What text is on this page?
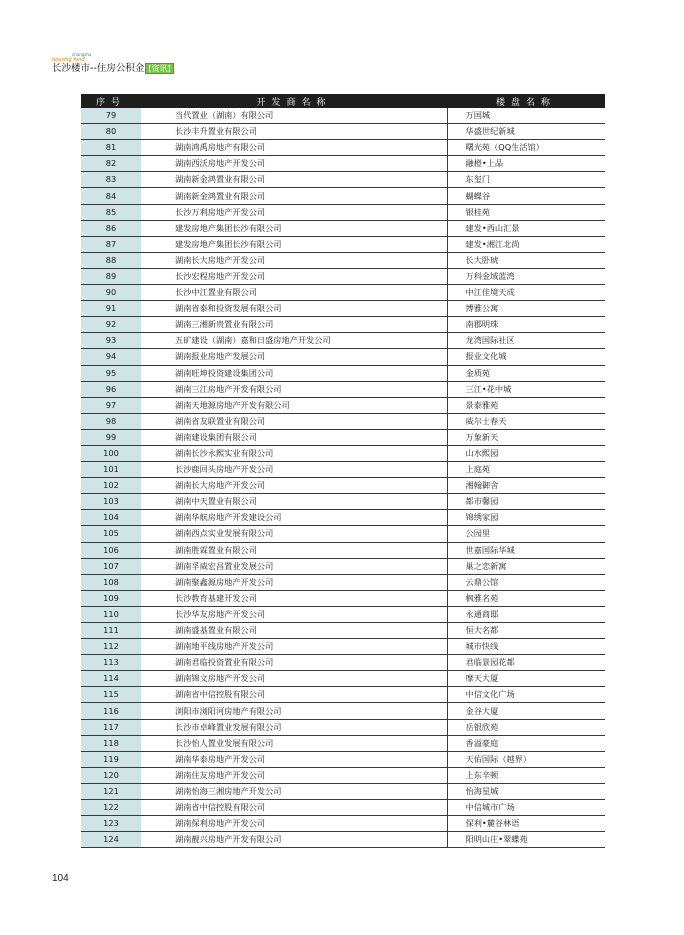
changsha
housing fund
长沙楼市--住房公积金 [资讯]
序号	开发商名称	楼盘名称
79	当代置业（湖南）有限公司	万国城
80	长沙丰升置业有限公司	华盛世纪新城
81	湖南鸿禹房地产有限公司	曙光苑（QQ生活馆）
82	湖南西沃房地产开发公司	融橙•上品
83	湖南新金鸿置业有限公司	东玺门
84	湖南新金鸿置业有限公司	蝴蝶谷
85	长沙万利房地产开发公司	银桂苑
86	建发房地产集团长沙有限公司	建发•西山汇景
87	建发房地产集团长沙有限公司	建发•湘江北尚
88	湖南长大房地产开发公司	长大卧琥
89	长沙宏程房地产开发公司	万科金域蓝湾
90	长沙中江置业有限公司	中江佳境天成
91	湖南省泰和投资发展有限公司	博雅公寓
92	湖南三湘新贵置业有限公司	南郡明珠
93	五矿建设（湖南）嘉和日盛房地产开发公司	龙湾国际社区
94	湖南报业房地产发展公司	报业文化城
95	湖南旺坤投资建设集团公司	金质苑
96	湖南三江房地产开发有限公司	三江•花中城
97	湖南天地源房地产开发有限公司	景泰雅苑
98	湖南省友联置业有限公司	威尔士春天
99	湖南建设集团有限公司	万象新天
100	湖南长沙永熙实业有限公司	山水熙园
101	长沙鹿回头房地产开发公司	上庭苑
102	湖南长大房地产开发公司	湘翰御舍
103	湖南中天置业有限公司	都市馨园
104	湖南华航房地产开发建设公司	锦绣家园
105	湖南西点实业发展有限公司	公园里
106	湖南胜霖置业有限公司	世嘉国际华城
107	湖南孚威宏昌置业发展公司	巢之恋新寓
108	湖南聚鑫源房地产开发公司	云鼎公馆
109	长沙教育基建开发公司	枫雅名苑
110	长沙华友房地产开发公司	永通商邸
111	湖南盛基置业有限公司	恒大名都
112	湖南地平线房地产开发公司	城市快线
113	湖南君临投资置业有限公司	君临景园花都
114	湖南锦文房地产开发公司	摩天大厦
115	湖南省中信控股有限公司	中信文化广场
116	浏阳市浏阳河房地产有限公司	金谷大厦
117	长沙市卓峰置业发展有限公司	岳银欣苑
118	长沙怡人置业发展有限公司	香溢豪庭
119	湖南华泰房地产开发公司	天佑国际（越界）
120	湖南住友房地产开发公司	上东辛顿
121	湖南怡海三湘房地产开发公司	怡海星城
122	湖南省中信控股有限公司	中信城市广场
123	湖南保利房地产开发公司	保利•麓谷林语
124	湖南靓兴房地产开发有限公司	阳明山庄•翠蝶苑
104
